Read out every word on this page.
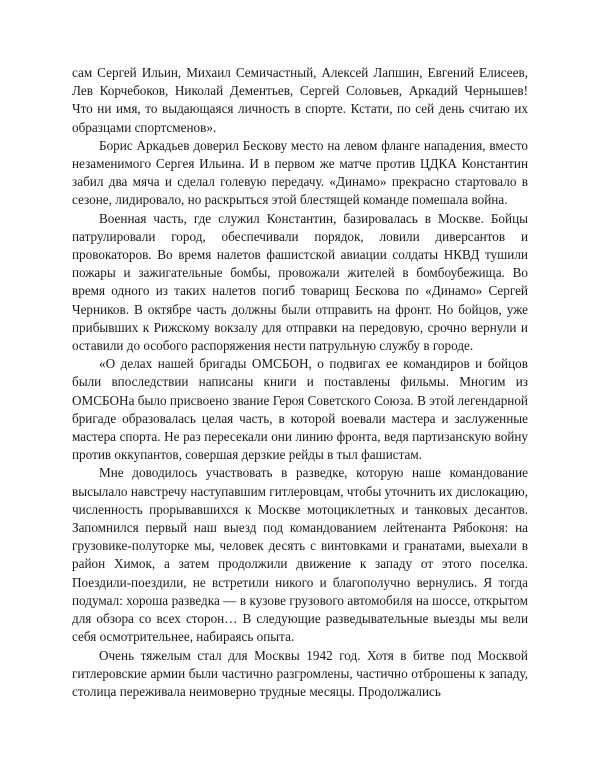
сам Сергей Ильин, Михаил Семичастный, Алексей Лапшин, Евгений Елисеев, Лев Корчебоков, Николай Дементьев, Сергей Соловьев, Аркадий Чернышев! Что ни имя, то выдающаяся личность в спорте. Кстати, по сей день считаю их образцами спортсменов».

Борис Аркадьев доверил Бескову место на левом фланге нападения, вместо незаменимого Сергея Ильина. И в первом же матче против ЦДКА Константин забил два мяча и сделал голевую передачу. «Динамо» прекрасно стартовало в сезоне, лидировало, но раскрыться этой блестящей команде помешала война.

Военная часть, где служил Константин, базировалась в Москве. Бойцы патрулировали город, обеспечивали порядок, ловили диверсантов и провокаторов. Во время налетов фашистской авиации солдаты НКВД тушили пожары и зажигательные бомбы, провожали жителей в бомбоубежища. Во время одного из таких налетов погиб товарищ Бескова по «Динамо» Сергей Черников. В октябре часть должны были отправить на фронт. Но бойцов, уже прибывших к Рижскому вокзалу для отправки на передовую, срочно вернули и оставили до особого распоряжения нести патрульную службу в городе.

«О делах нашей бригады ОМСБОН, о подвигах ее командиров и бойцов были впоследствии написаны книги и поставлены фильмы. Многим из ОМСБОНа было присвоено звание Героя Советского Союза. В этой легендарной бригаде образовалась целая часть, в которой воевали мастера и заслуженные мастера спорта. Не раз пересекали они линию фронта, ведя партизанскую войну против оккупантов, совершая дерзкие рейды в тыл фашистам.

Мне доводилось участвовать в разведке, которую наше командование высылало навстречу наступавшим гитлеровцам, чтобы уточнить их дислокацию, численность прорывавшихся к Москве мотоциклетных и танковых десантов. Запомнился первый наш выезд под командованием лейтенанта Рябоконя: на грузовике-полуторке мы, человек десять с винтовками и гранатами, выехали в район Химок, а затем продолжили движение к западу от этого поселка. Поездили-поездили, не встретили никого и благополучно вернулись. Я тогда подумал: хороша разведка — в кузове грузового автомобиля на шоссе, открытом для обзора со всех сторон… В следующие разведывательные выезды мы вели себя осмотрительнее, набираясь опыта.

Очень тяжелым стал для Москвы 1942 год. Хотя в битве под Москвой гитлеровские армии были частично разгромлены, частично отброшены к западу, столица переживала неимоверно трудные месяцы. Продолжались
